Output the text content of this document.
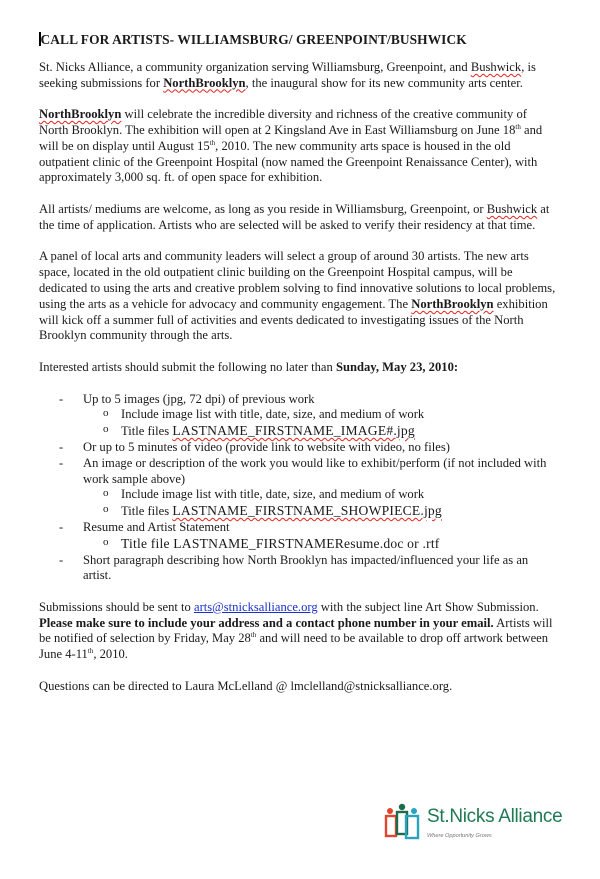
CALL FOR ARTISTS- WILLIAMSBURG/ GREENPOINT/BUSHWICK

St. Nicks Alliance, a community organization serving Williamsburg, Greenpoint, and Bushwick, is seeking submissions for NorthBrooklyn, the inaugural show for its new community arts center.

NorthBrooklyn will celebrate the incredible diversity and richness of the creative community of North Brooklyn. The exhibition will open at 2 Kingsland Ave in East Williamsburg on June 18th and will be on display until August 15th, 2010. The new community arts space is housed in the old outpatient clinic of the Greenpoint Hospital (now named the Greenpoint Renaissance Center), with approximately 3,000 sq. ft. of open space for exhibition.

All artists/ mediums are welcome, as long as you reside in Williamsburg, Greenpoint, or Bushwick at the time of application. Artists who are selected will be asked to verify their residency at that time.

A panel of local arts and community leaders will select a group of around 30 artists. The new arts space, located in the old outpatient clinic building on the Greenpoint Hospital campus, will be dedicated to using the arts and creative problem solving to find innovative solutions to local problems, using the arts as a vehicle for advocacy and community engagement. The NorthBrooklyn exhibition will kick off a summer full of activities and events dedicated to investigating issues of the North Brooklyn community through the arts.

Interested artists should submit the following no later than Sunday, May 23, 2010:

- Up to 5 images (jpg, 72 dpi) of previous work
o Include image list with title, date, size, and medium of work
o Title files LASTNAME_FIRSTNAME_IMAGE#.jpg
- Or up to 5 minutes of video (provide link to website with video, no files)
- An image or description of the work you would like to exhibit/perform (if not included with work sample above)
o Include image list with title, date, size, and medium of work
o Title files LASTNAME_FIRSTNAME_SHOWPIECE.jpg
- Resume and Artist Statement
o Title file LASTNAME_FIRSTNAMEResume.doc or .rtf
- Short paragraph describing how North Brooklyn has impacted/influenced your life as an artist.

Submissions should be sent to arts@stnicksalliance.org with the subject line Art Show Submission. Please make sure to include your address and a contact phone number in your email. Artists will be notified of selection by Friday, May 28th and will need to be available to drop off artwork between June 4-11th, 2010.

Questions can be directed to Laura McLelland @ lmclelland@stnicksalliance.org.

St.Nicks Alliance
Where Opportunity Grows
